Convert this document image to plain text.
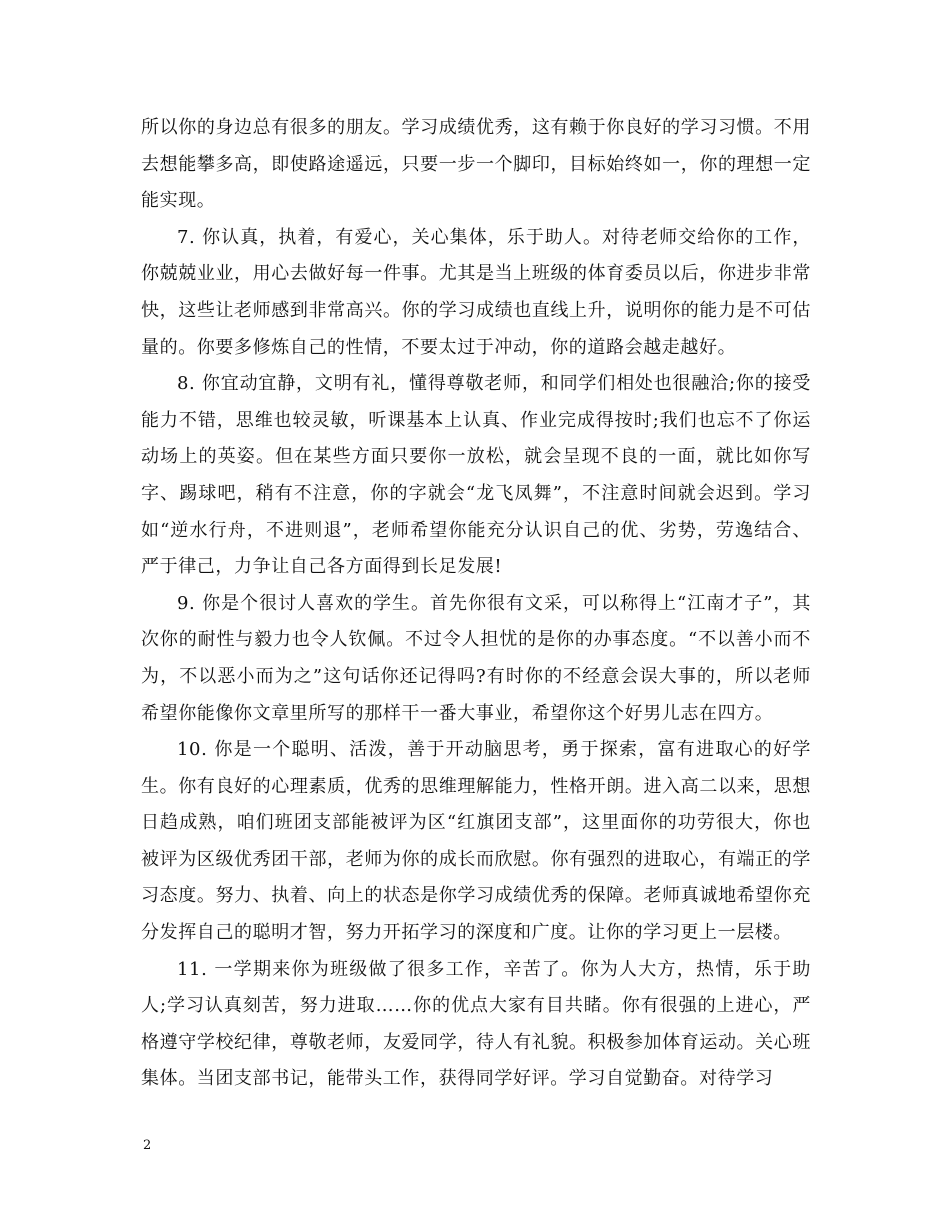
所以你的身边总有很多的朋友。学习成绩优秀，这有赖于你良好的学习习惯。不用去想能攀多高，即使路途遥远，只要一步一个脚印，目标始终如一，你的理想一定能实现。

7. 你认真，执着，有爱心，关心集体，乐于助人。对待老师交给你的工作，你兢兢业业，用心去做好每一件事。尤其是当上班级的体育委员以后，你进步非常快，这些让老师感到非常高兴。你的学习成绩也直线上升，说明你的能力是不可估量的。你要多修炼自己的性情，不要太过于冲动，你的道路会越走越好。

8. 你宜动宜静，文明有礼，懂得尊敬老师，和同学们相处也很融洽;你的接受能力不错，思维也较灵敏，听课基本上认真、作业完成得按时;我们也忘不了你运动场上的英姿。但在某些方面只要你一放松，就会呈现不良的一面，就比如你写字、踢球吧，稍有不注意，你的字就会“龙飞凤舞”，不注意时间就会迟到。学习如“逆水行舟，不进则退”，老师希望你能充分认识自己的优、劣势，劳逸结合、严于律己，力争让自己各方面得到长足发展!

9. 你是个很讨人喜欢的学生。首先你很有文采，可以称得上“江南才子”，其次你的耐性与毅力也令人钦佩。不过令人担忧的是你的办事态度。“不以善小而不为，不以恶小而为之”这句话你还记得吗?有时你的不经意会误大事的，所以老师希望你能像你文章里所写的那样干一番大事业，希望你这个好男儿志在四方。

10. 你是一个聪明、活泼，善于开动脑思考，勇于探索，富有进取心的好学生。你有良好的心理素质，优秀的思维理解能力，性格开朗。进入高二以来，思想日趋成熟，咱们班团支部能被评为区“红旗团支部”，这里面你的功劳很大，你也被评为区级优秀团干部，老师为你的成长而欣慰。你有强烈的进取心，有端正的学习态度。努力、执着、向上的状态是你学习成绩优秀的保障。老师真诚地希望你充分发挥自己的聪明才智，努力开拓学习的深度和广度。让你的学习更上一层楼。

11. 一学期来你为班级做了很多工作，辛苦了。你为人大方，热情，乐于助人;学习认真刻苦，努力进取……你的优点大家有目共睹。你有很强的上进心，严格遵守学校纪律，尊敬老师，友爱同学，待人有礼貌。积极参加体育运动。关心班集体。当团支部书记，能带头工作，获得同学好评。学习自觉勤奋。对待学习

2
